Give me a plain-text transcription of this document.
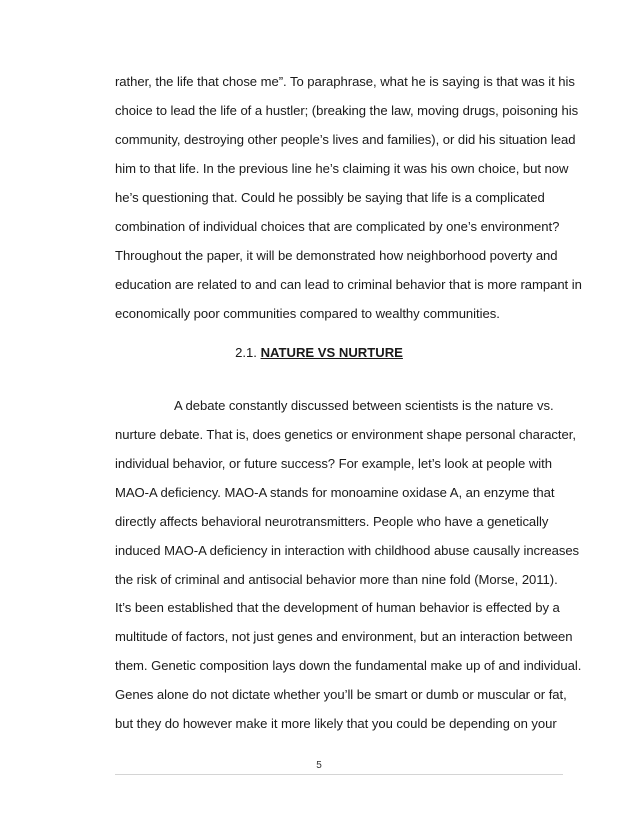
rather, the life that chose me”. To paraphrase, what he is saying is that was it his
choice to lead the life of a hustler; (breaking the law, moving drugs, poisoning his
community, destroying other people’s lives and families), or did his situation lead
him to that life. In the previous line he’s claiming it was his own choice, but now
he’s questioning that. Could he possibly be saying that life is a complicated
combination of individual choices that are complicated by one’s environment?
Throughout the paper, it will be demonstrated how neighborhood poverty and
education are related to and can lead to criminal behavior that is more rampant in
economically poor communities compared to wealthy communities.
2.1. NATURE VS NURTURE
A debate constantly discussed between scientists is the nature vs.
nurture debate. That is, does genetics or environment shape personal character,
individual behavior, or future success? For example, let’s look at people with
MAO-A deficiency. MAO-A stands for monoamine oxidase A, an enzyme that
directly affects behavioral neurotransmitters. People who have a genetically
induced MAO-A deficiency in interaction with childhood abuse causally increases
the risk of criminal and antisocial behavior more than nine fold (Morse, 2011).
It’s been established that the development of human behavior is effected by a
multitude of factors, not just genes and environment, but an interaction between
them. Genetic composition lays down the fundamental make up of and individual.
Genes alone do not dictate whether you’ll be smart or dumb or muscular or fat,
but they do however make it more likely that you could be depending on your
5
